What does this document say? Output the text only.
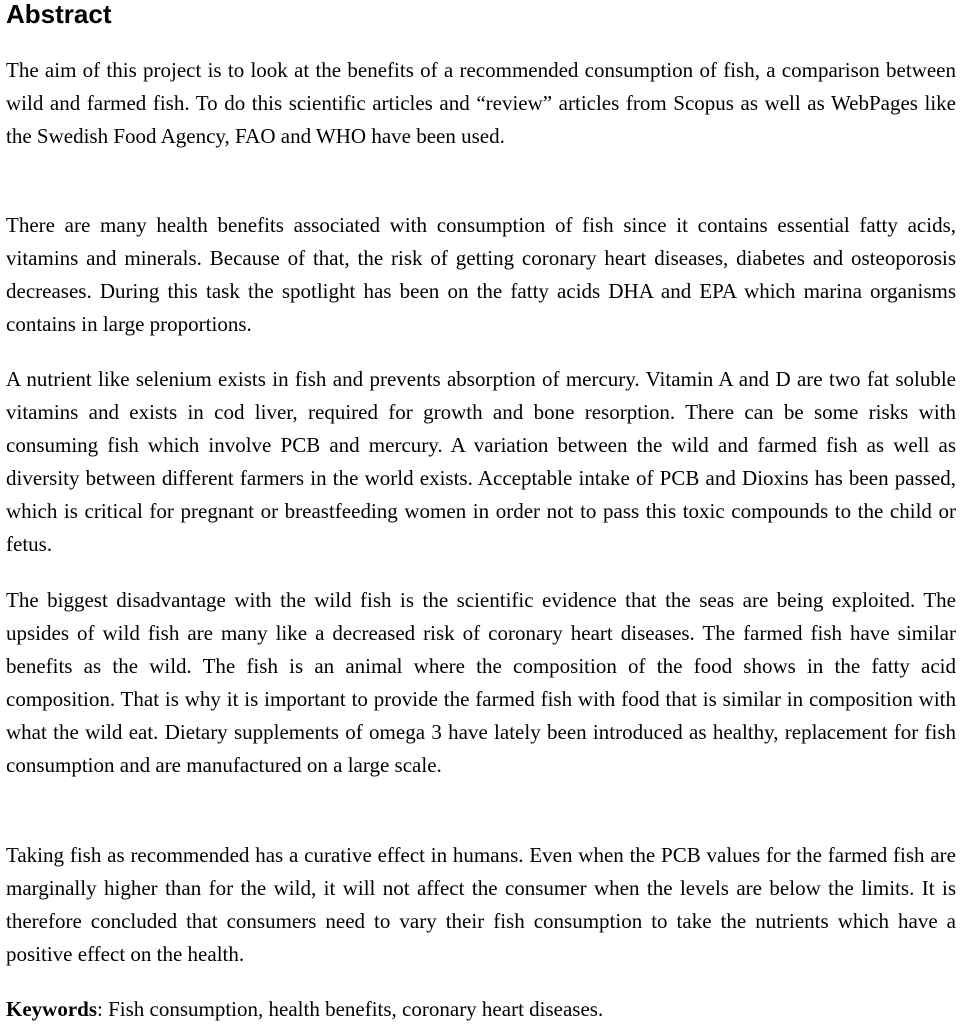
Abstract

The aim of this project is to look at the benefits of a recommended consumption of fish, a comparison between wild and farmed fish. To do this scientific articles and “review” articles from Scopus as well as WebPages like the Swedish Food Agency, FAO and WHO have been used.

There are many health benefits associated with consumption of fish since it contains essential fatty acids, vitamins and minerals. Because of that, the risk of getting coronary heart diseases, diabetes and osteoporosis decreases. During this task the spotlight has been on the fatty acids DHA and EPA which marina organisms contains in large proportions.

A nutrient like selenium exists in fish and prevents absorption of mercury. Vitamin A and D are two fat soluble vitamins and exists in cod liver, required for growth and bone resorption. There can be some risks with consuming fish which involve PCB and mercury. A variation between the wild and farmed fish as well as diversity between different farmers in the world exists. Acceptable intake of PCB and Dioxins has been passed, which is critical for pregnant or breastfeeding women in order not to pass this toxic compounds to the child or fetus.

The biggest disadvantage with the wild fish is the scientific evidence that the seas are being exploited. The upsides of wild fish are many like a decreased risk of coronary heart diseases. The farmed fish have similar benefits as the wild. The fish is an animal where the composition of the food shows in the fatty acid composition. That is why it is important to provide the farmed fish with food that is similar in composition with what the wild eat. Dietary supplements of omega 3 have lately been introduced as healthy, replacement for fish consumption and are manufactured on a large scale.

Taking fish as recommended has a curative effect in humans. Even when the PCB values for the farmed fish are marginally higher than for the wild, it will not affect the consumer when the levels are below the limits. It is therefore concluded that consumers need to vary their fish consumption to take the nutrients which have a positive effect on the health.

Keywords: Fish consumption, health benefits, coronary heart diseases.
